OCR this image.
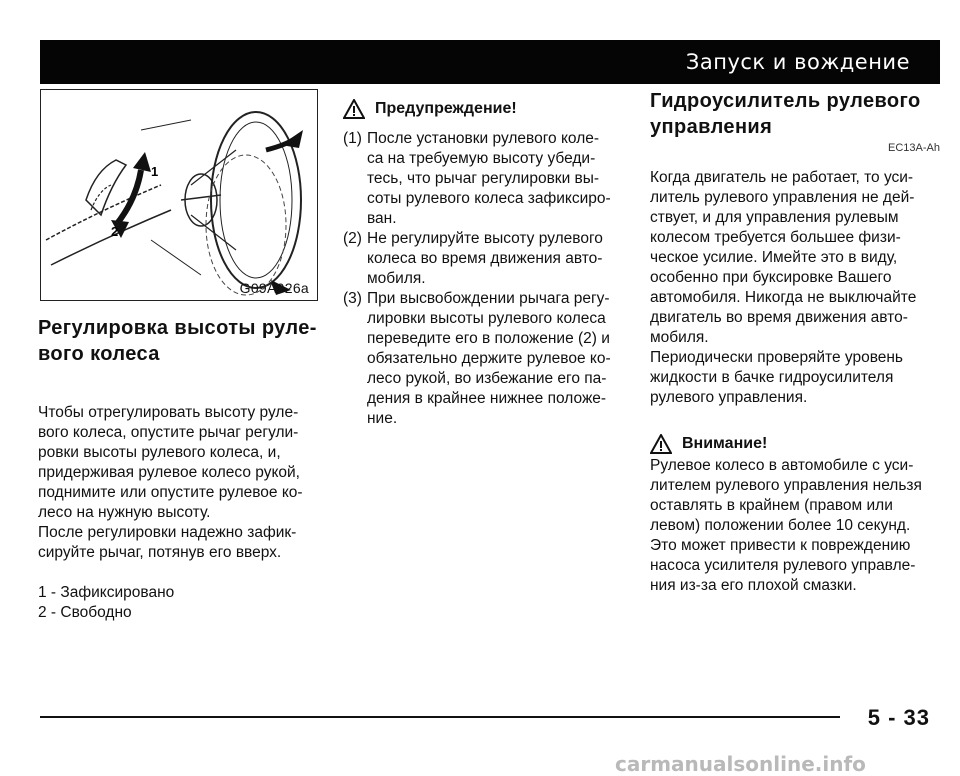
Запуск и вождение
1
2
G09A026a
Регулировка высоты руле-
вого колеса

Чтобы отрегулировать высоту руле-
вого колеса, опустите рычаг регули-
ровки высоты рулевого колеса, и,
придерживая рулевое колесо рукой,
поднимите или опустите рулевое ко-
лесо на нужную высоту.

После регулировки надежно зафик-
сируйте рычаг, потянув его вверх.

1 - Зафиксировано

2 - Свободно

Предупреждение!
(1) После установки рулевого коле-
са на требуемую высоту убеди-
тесь, что рычаг регулировки вы-
соты рулевого колеса зафиксиро-
ван.
(2) Не регулируйте высоту рулевого
колеса во время движения авто-
мобиля.
(3) При высвобождении рычага регу-
лировки высоты рулевого колеса
переведите его в положение (2) и
обязательно держите рулевое ко-
лесо рукой, во избежание его па-
дения в крайнее нижнее положе-
ние.
Гидроусилитель рулевого
управления
EC13A-Ah

Когда двигатель не работает, то уси-
литель рулевого управления не дей-
ствует, и для управления рулевым
колесом требуется большее физи-
ческое усилие. Имейте это в виду,
особенно при буксировке Вашего
автомобиля. Никогда не выключайте
двигатель во время движения авто-
мобиля.

Периодически проверяйте уровень
жидкости в бачке гидроусилителя
рулевого управления.

Внимание!

Рулевое колесо в автомобиле с уси-
лителем рулевого управления нельзя
оставлять в крайнем (правом или
левом) положении более 10 секунд.
Это может привести к повреждению
насоса усилителя рулевого управле-
ния из-за его плохой смазки.

5 - 33
carmanualsonline.info
